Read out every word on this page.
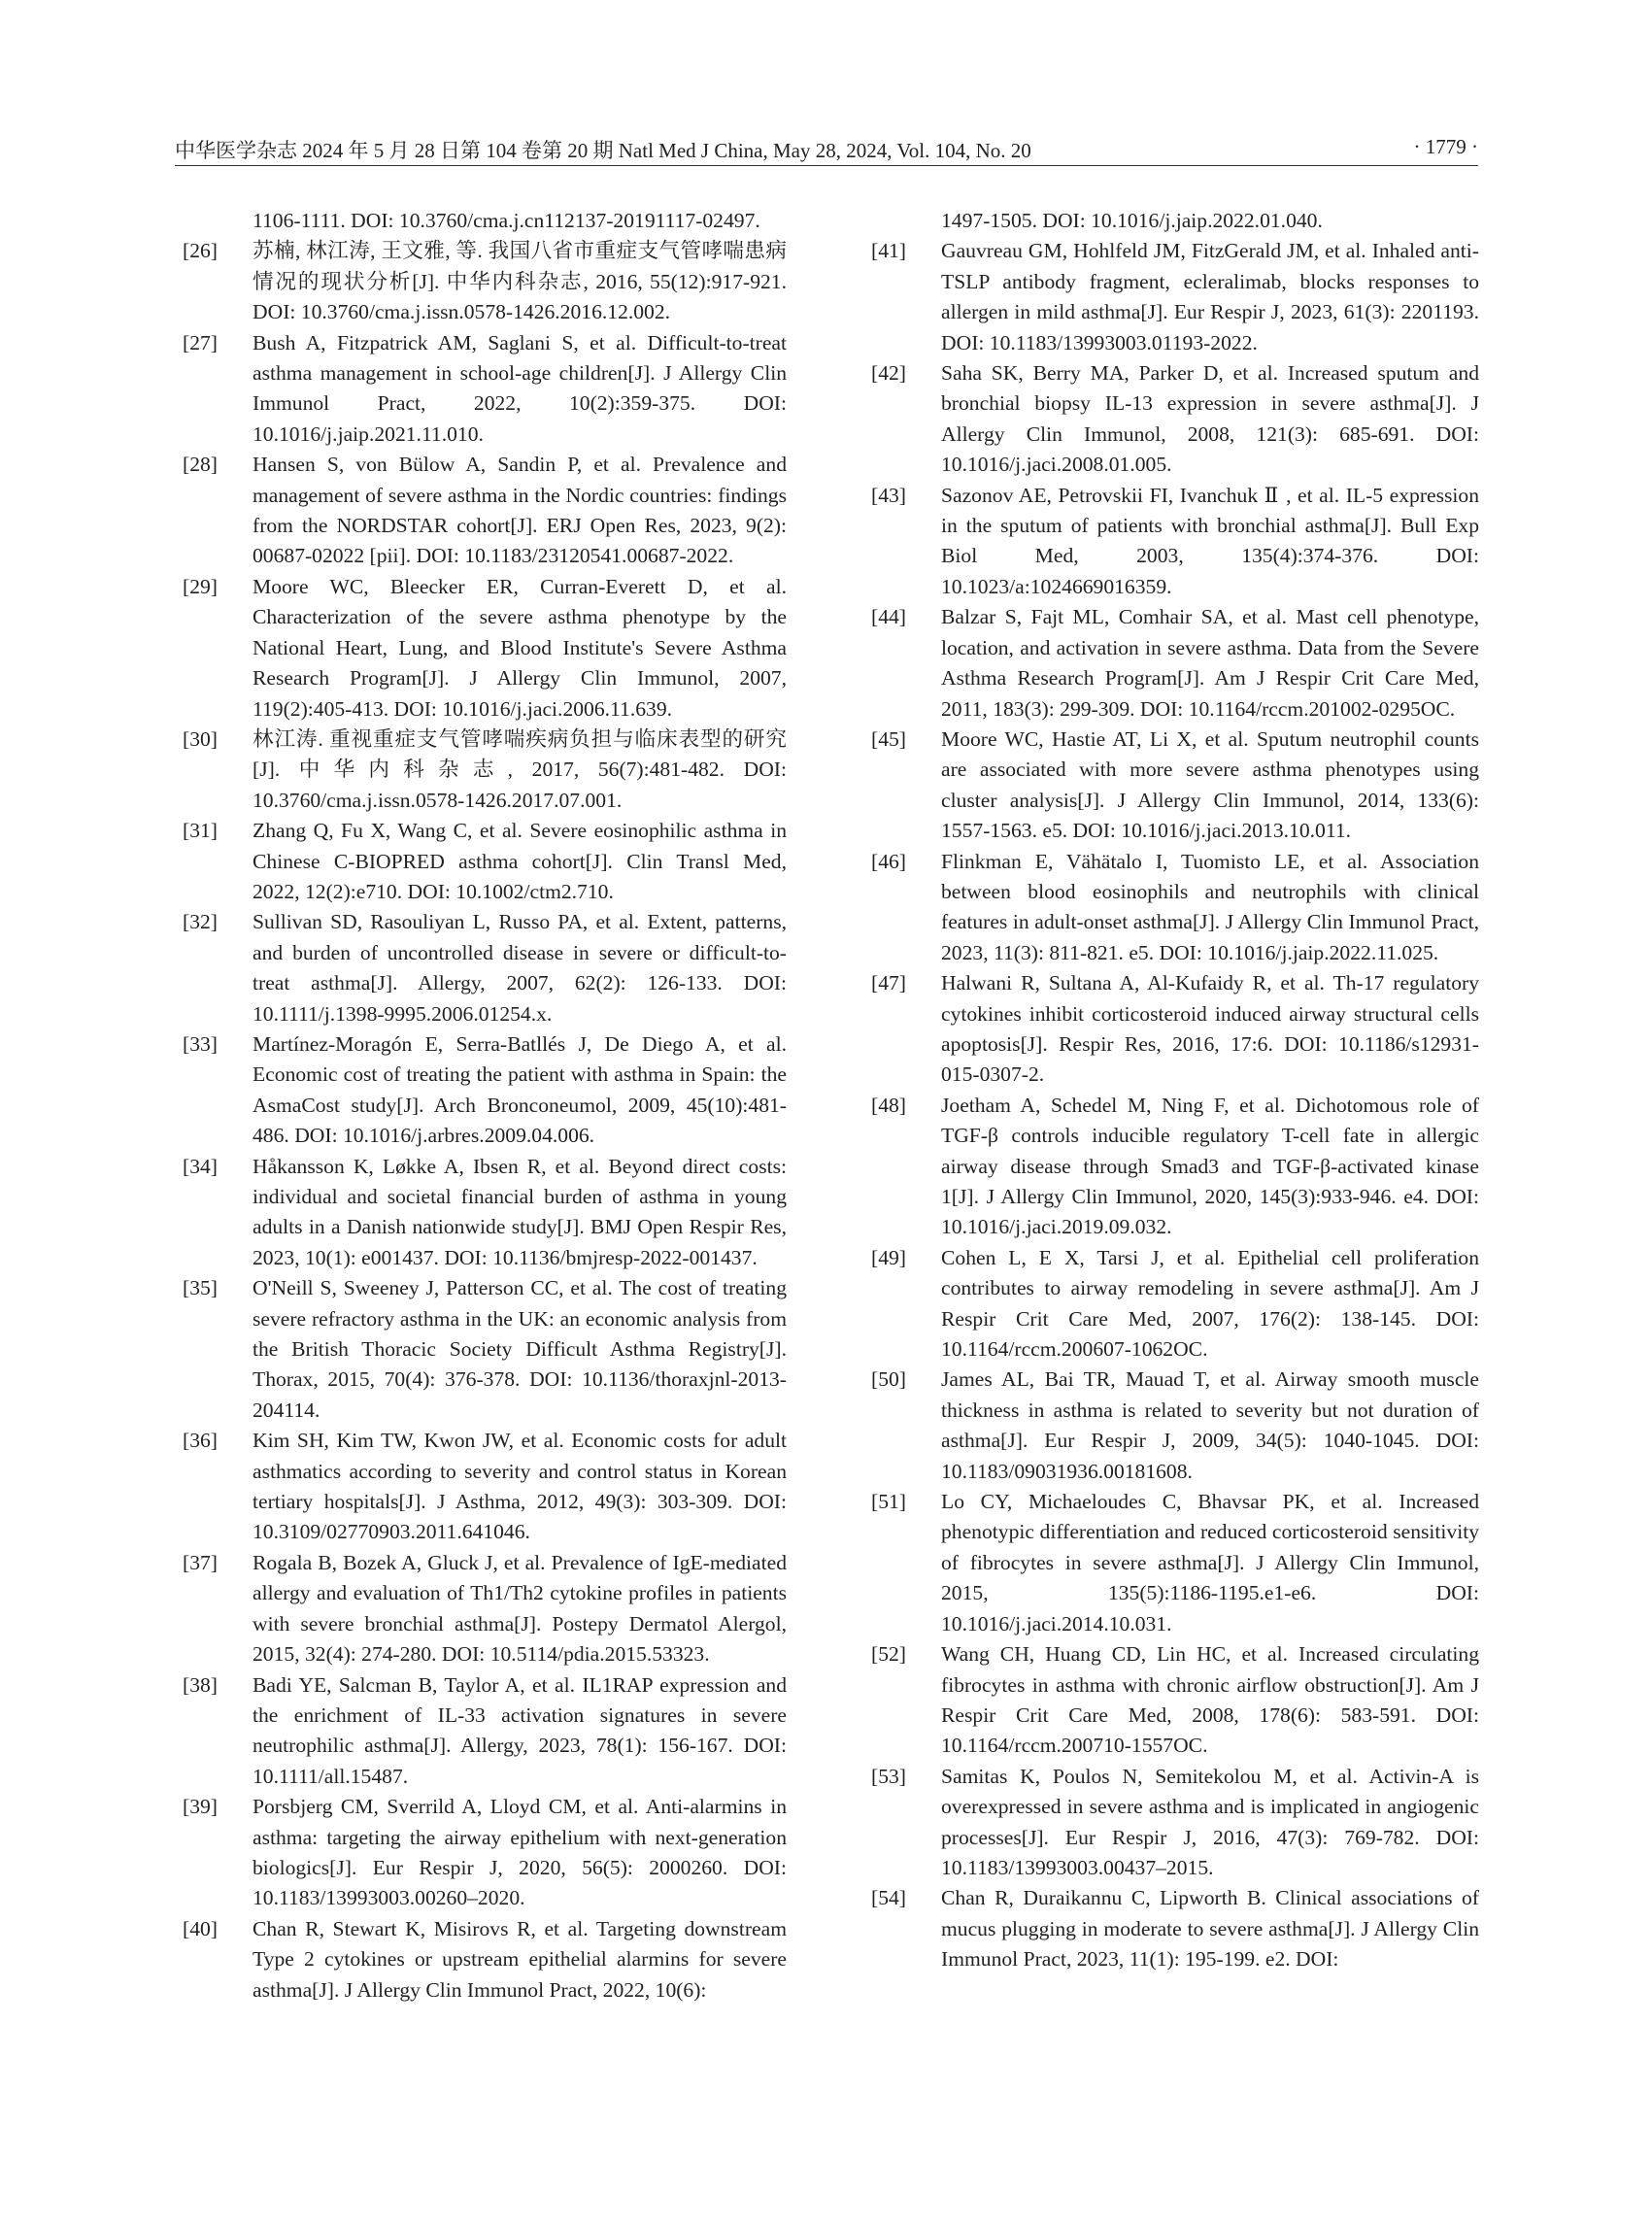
中华医学杂志 2024 年 5 月 28 日第 104 卷第 20 期 Natl Med J China, May 28, 2024, Vol. 104, No. 20	· 1779 ·
1106-1111. DOI: 10.3760/cma.j.cn112137-20191117-02497.
[26] 苏楠, 林江涛, 王文雅, 等. 我国八省市重症支气管哮喘患病情况的现状分析[J]. 中华内科杂志, 2016, 55(12):917-921. DOI: 10.3760/cma.j.issn.0578-1426.2016.12.002.
[27] Bush A, Fitzpatrick AM, Saglani S, et al. Difficult-to-treat asthma management in school-age children[J]. J Allergy Clin Immunol Pract, 2022, 10(2):359-375. DOI: 10.1016/j.jaip.2021.11.010.
[28] Hansen S, von Bülow A, Sandin P, et al. Prevalence and management of severe asthma in the Nordic countries: findings from the NORDSTAR cohort[J]. ERJ Open Res, 2023, 9(2): 00687-02022 [pii]. DOI: 10.1183/23120541.00687-2022.
[29] Moore WC, Bleecker ER, Curran-Everett D, et al. Characterization of the severe asthma phenotype by the National Heart, Lung, and Blood Institute's Severe Asthma Research Program[J]. J Allergy Clin Immunol, 2007, 119(2):405-413. DOI: 10.1016/j.jaci.2006.11.639.
[30] 林江涛. 重视重症支气管哮喘疾病负担与临床表型的研究[J]. 中华内科杂志, 2017, 56(7):481-482. DOI: 10.3760/cma.j.issn.0578-1426.2017.07.001.
[31] Zhang Q, Fu X, Wang C, et al. Severe eosinophilic asthma in Chinese C-BIOPRED asthma cohort[J]. Clin Transl Med, 2022, 12(2):e710. DOI: 10.1002/ctm2.710.
[32] Sullivan SD, Rasouliyan L, Russo PA, et al. Extent, patterns, and burden of uncontrolled disease in severe or difficult-to-treat asthma[J]. Allergy, 2007, 62(2): 126-133. DOI: 10.1111/j.1398-9995.2006.01254.x.
[33] Martínez-Moragón E, Serra-Batllés J, De Diego A, et al. Economic cost of treating the patient with asthma in Spain: the AsmaCost study[J]. Arch Bronconeumol, 2009, 45(10):481-486. DOI: 10.1016/j.arbres.2009.04.006.
[34] Håkansson K, Løkke A, Ibsen R, et al. Beyond direct costs: individual and societal financial burden of asthma in young adults in a Danish nationwide study[J]. BMJ Open Respir Res, 2023, 10(1): e001437. DOI: 10.1136/bmjresp-2022-001437.
[35] O'Neill S, Sweeney J, Patterson CC, et al. The cost of treating severe refractory asthma in the UK: an economic analysis from the British Thoracic Society Difficult Asthma Registry[J]. Thorax, 2015, 70(4): 376-378. DOI: 10.1136/thoraxjnl-2013-204114.
[36] Kim SH, Kim TW, Kwon JW, et al. Economic costs for adult asthmatics according to severity and control status in Korean tertiary hospitals[J]. J Asthma, 2012, 49(3): 303-309. DOI: 10.3109/02770903.2011.641046.
[37] Rogala B, Bozek A, Gluck J, et al. Prevalence of IgE-mediated allergy and evaluation of Th1/Th2 cytokine profiles in patients with severe bronchial asthma[J]. Postepy Dermatol Alergol, 2015, 32(4): 274-280. DOI: 10.5114/pdia.2015.53323.
[38] Badi YE, Salcman B, Taylor A, et al. IL1RAP expression and the enrichment of IL-33 activation signatures in severe neutrophilic asthma[J]. Allergy, 2023, 78(1): 156-167. DOI: 10.1111/all.15487.
[39] Porsbjerg CM, Sverrild A, Lloyd CM, et al. Anti-alarmins in asthma: targeting the airway epithelium with next-generation biologics[J]. Eur Respir J, 2020, 56(5): 2000260. DOI: 10.1183/13993003.00260–2020.
[40] Chan R, Stewart K, Misirovs R, et al. Targeting downstream Type 2 cytokines or upstream epithelial alarmins for severe asthma[J]. J Allergy Clin Immunol Pract, 2022, 10(6):
1497-1505. DOI: 10.1016/j.jaip.2022.01.040.
[41] Gauvreau GM, Hohlfeld JM, FitzGerald JM, et al. Inhaled anti-TSLP antibody fragment, ecleralimab, blocks responses to allergen in mild asthma[J]. Eur Respir J, 2023, 61(3): 2201193. DOI: 10.1183/13993003.01193-2022.
[42] Saha SK, Berry MA, Parker D, et al. Increased sputum and bronchial biopsy IL-13 expression in severe asthma[J]. J Allergy Clin Immunol, 2008, 121(3): 685-691. DOI: 10.1016/j.jaci.2008.01.005.
[43] Sazonov AE, Petrovskii FI, Ivanchuk Ⅱ , et al. IL-5 expression in the sputum of patients with bronchial asthma[J]. Bull Exp Biol Med, 2003, 135(4):374-376. DOI: 10.1023/a:1024669016359.
[44] Balzar S, Fajt ML, Comhair SA, et al. Mast cell phenotype, location, and activation in severe asthma. Data from the Severe Asthma Research Program[J]. Am J Respir Crit Care Med, 2011, 183(3): 299-309. DOI: 10.1164/rccm.201002-0295OC.
[45] Moore WC, Hastie AT, Li X, et al. Sputum neutrophil counts are associated with more severe asthma phenotypes using cluster analysis[J]. J Allergy Clin Immunol, 2014, 133(6): 1557-1563. e5. DOI: 10.1016/j.jaci.2013.10.011.
[46] Flinkman E, Vähätalo I, Tuomisto LE, et al. Association between blood eosinophils and neutrophils with clinical features in adult-onset asthma[J]. J Allergy Clin Immunol Pract, 2023, 11(3): 811-821. e5. DOI: 10.1016/j.jaip.2022.11.025.
[47] Halwani R, Sultana A, Al-Kufaidy R, et al. Th-17 regulatory cytokines inhibit corticosteroid induced airway structural cells apoptosis[J]. Respir Res, 2016, 17:6. DOI: 10.1186/s12931-015-0307-2.
[48] Joetham A, Schedel M, Ning F, et al. Dichotomous role of TGF-β controls inducible regulatory T-cell fate in allergic airway disease through Smad3 and TGF-β-activated kinase 1[J]. J Allergy Clin Immunol, 2020, 145(3):933-946. e4. DOI: 10.1016/j.jaci.2019.09.032.
[49] Cohen L, E X, Tarsi J, et al. Epithelial cell proliferation contributes to airway remodeling in severe asthma[J]. Am J Respir Crit Care Med, 2007, 176(2): 138-145. DOI: 10.1164/rccm.200607-1062OC.
[50] James AL, Bai TR, Mauad T, et al. Airway smooth muscle thickness in asthma is related to severity but not duration of asthma[J]. Eur Respir J, 2009, 34(5): 1040-1045. DOI: 10.1183/09031936.00181608.
[51] Lo CY, Michaeloudes C, Bhavsar PK, et al. Increased phenotypic differentiation and reduced corticosteroid sensitivity of fibrocytes in severe asthma[J]. J Allergy Clin Immunol, 2015, 135(5):1186-1195.e1-e6. DOI: 10.1016/j.jaci.2014.10.031.
[52] Wang CH, Huang CD, Lin HC, et al. Increased circulating fibrocytes in asthma with chronic airflow obstruction[J]. Am J Respir Crit Care Med, 2008, 178(6): 583-591. DOI: 10.1164/rccm.200710-1557OC.
[53] Samitas K, Poulos N, Semitekolou M, et al. Activin-A is overexpressed in severe asthma and is implicated in angiogenic processes[J]. Eur Respir J, 2016, 47(3): 769-782. DOI: 10.1183/13993003.00437–2015.
[54] Chan R, Duraikannu C, Lipworth B. Clinical associations of mucus plugging in moderate to severe asthma[J]. J Allergy Clin Immunol Pract, 2023, 11(1): 195-199. e2. DOI:
